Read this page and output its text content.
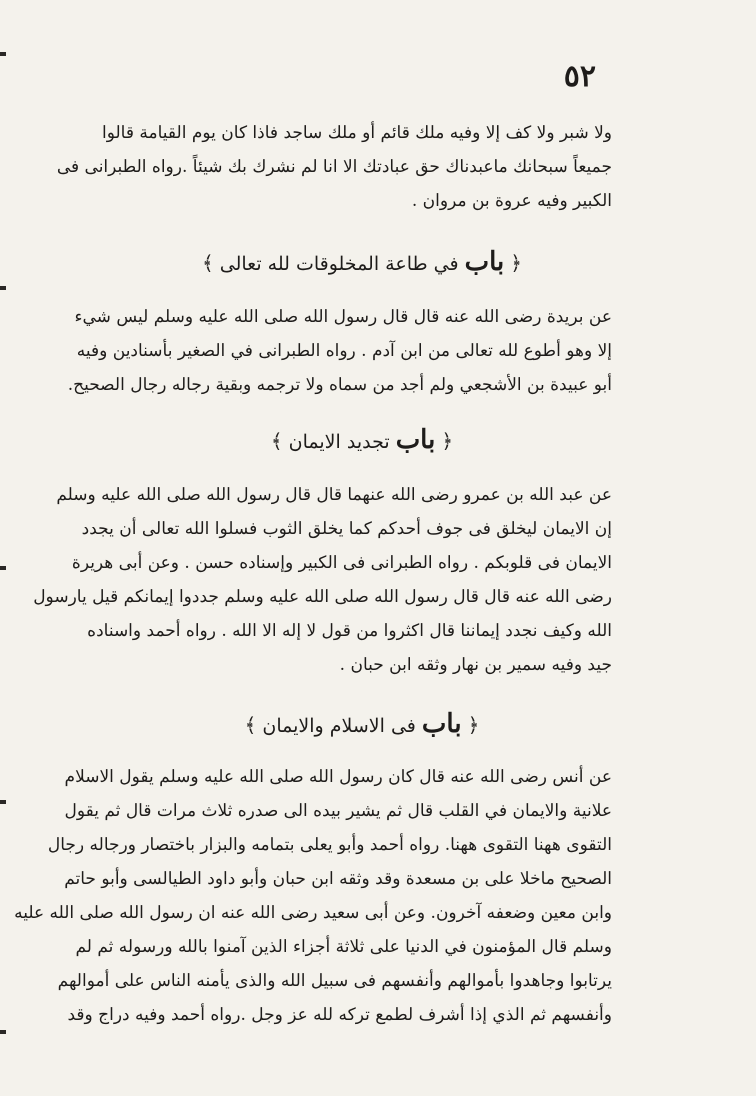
٥٢
ولا شبر ولا كف إلا وفيه ملك قائم أو ملك ساجد فاذا كان يوم القيامة قالوا
جميعاً سبحانك ماعبدناك حق عبادتك الا انا لم نشرك بك شيئاً .رواه الطبرانى فى
الكبير وفيه عروة بن مروان .
﴿ باب في طاعة المخلوقات لله تعالى ﴾
عن بريدة رضى الله عنه قال قال رسول الله صلى الله عليه وسلم ليس شيء
إلا وهو أطوع لله تعالى من ابن آدم . رواه الطبرانى في الصغير بأسنادين وفيه
أبو عبيدة بن الأشجعي ولم أجد من سماه ولا ترجمه وبقية رجاله رجال الصحيح.
﴿ باب تجديد الايمان ﴾
عن عبد الله بن عمرو رضى الله عنهما قال قال رسول الله صلى الله عليه وسلم
إن الايمان ليخلق فى جوف أحدكم كما يخلق الثوب فسلوا الله تعالى أن يجدد
الايمان فى قلوبكم . رواه الطبرانى فى الكبير وإسناده حسن . وعن أبى هريرة
رضى الله عنه قال قال رسول الله صلى الله عليه وسلم جددوا إيمانكم قيل يارسول
الله وكيف نجدد إيماننا قال اكثروا من قول لا إله الا الله . رواه أحمد واسناده
جيد وفيه سمير بن نهار وثقه ابن حبان .
﴿ باب فى الاسلام والايمان ﴾
عن أنس رضى الله عنه قال كان رسول الله صلى الله عليه وسلم يقول الاسلام
علانية والايمان في القلب قال ثم يشير بيده الى صدره ثلاث مرات قال ثم يقول
التقوى ههنا التقوى ههنا. رواه أحمد وأبو يعلى بتمامه والبزار باختصار ورجاله رجال
الصحيح ماخلا على بن مسعدة وقد وثقه ابن حبان وأبو داود الطيالسى وأبو حاتم
وابن معين وضعفه آخرون. وعن أبى سعيد رضى الله عنه ان رسول الله صلى الله عليه
وسلم قال المؤمنون في الدنيا على ثلاثة أجزاء الذين آمنوا بالله ورسوله ثم لم
يرتابوا وجاهدوا بأموالهم وأنفسهم فى سبيل الله والذى يأمنه الناس على أموالهم
وأنفسهم ثم الذي إذا أشرف لطمع تركه لله عز وجل .رواه أحمد وفيه دراج وقد
